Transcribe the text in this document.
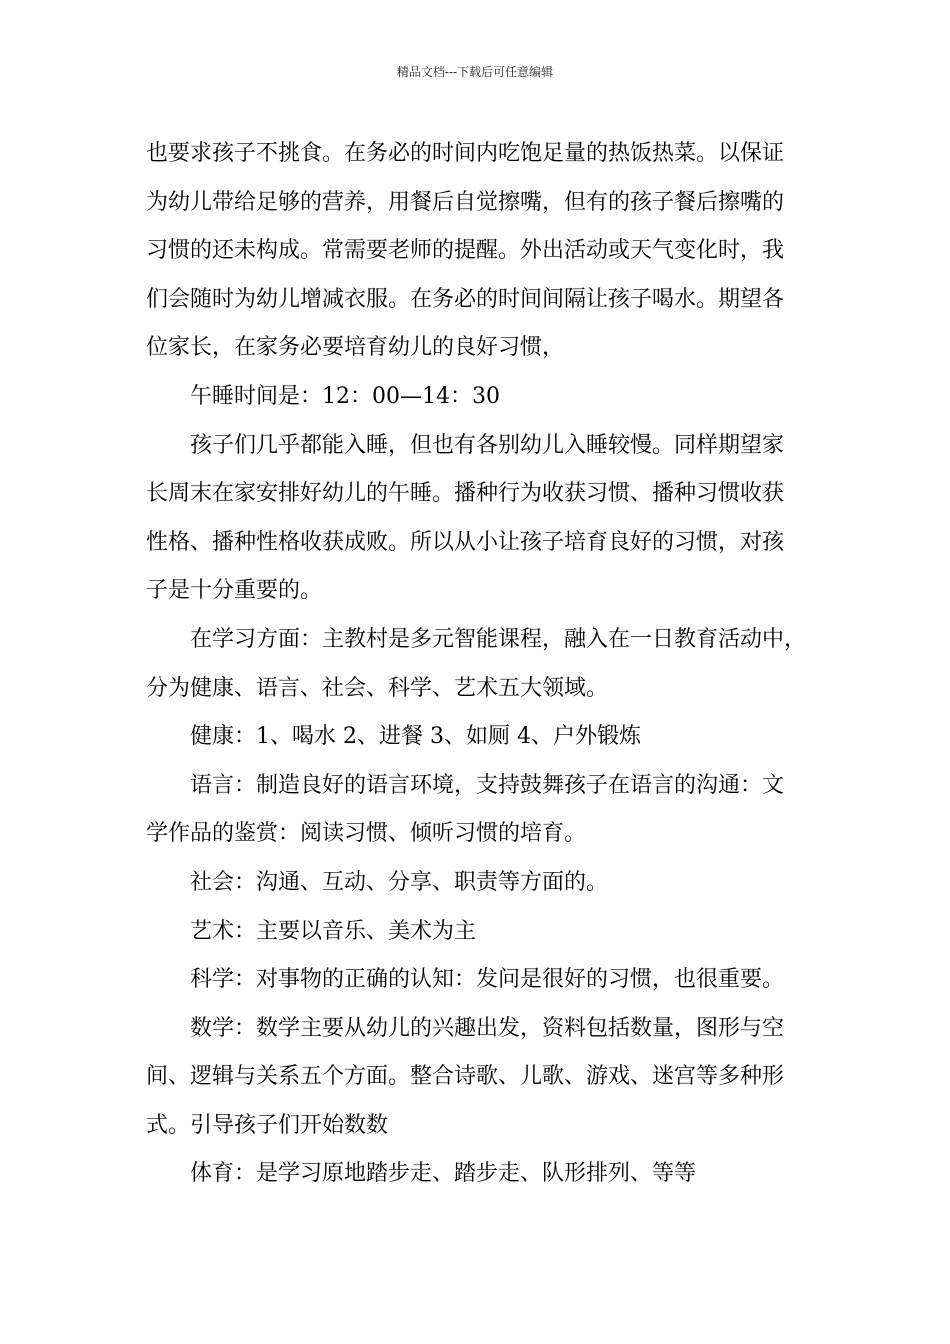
精品文档---下载后可任意编辑

也要求孩子不挑食。在务必的时间内吃饱足量的热饭热菜。以保证

为幼儿带给足够的营养，用餐后自觉擦嘴，但有的孩子餐后擦嘴的

习惯的还未构成。常需要老师的提醒。外出活动或天气变化时，我

们会随时为幼儿增减衣服。在务必的时间间隔让孩子喝水。期望各

位家长，在家务必要培育幼儿的良好习惯，

午睡时间是：12：00—14：30

孩子们几乎都能入睡，但也有各别幼儿入睡较慢。同样期望家

长周末在家安排好幼儿的午睡。播种行为收获习惯、播种习惯收获

性格、播种性格收获成败。所以从小让孩子培育良好的习惯，对孩

子是十分重要的。

在学习方面：主教村是多元智能课程，融入在一日教育活动中，

分为健康、语言、社会、科学、艺术五大领域。

健康：1、喝水 2、进餐 3、如厕 4、户外锻炼

语言：制造良好的语言环境，支持鼓舞孩子在语言的沟通：文

学作品的鉴赏：阅读习惯、倾听习惯的培育。

社会：沟通、互动、分享、职责等方面的。

艺术：主要以音乐、美术为主

科学：对事物的正确的认知：发问是很好的习惯，也很重要。

数学：数学主要从幼儿的兴趣出发，资料包括数量，图形与空

间、逻辑与关系五个方面。整合诗歌、儿歌、游戏、迷宫等多种形

式。引导孩子们开始数数

体育：是学习原地踏步走、踏步走、队形排列、等等
